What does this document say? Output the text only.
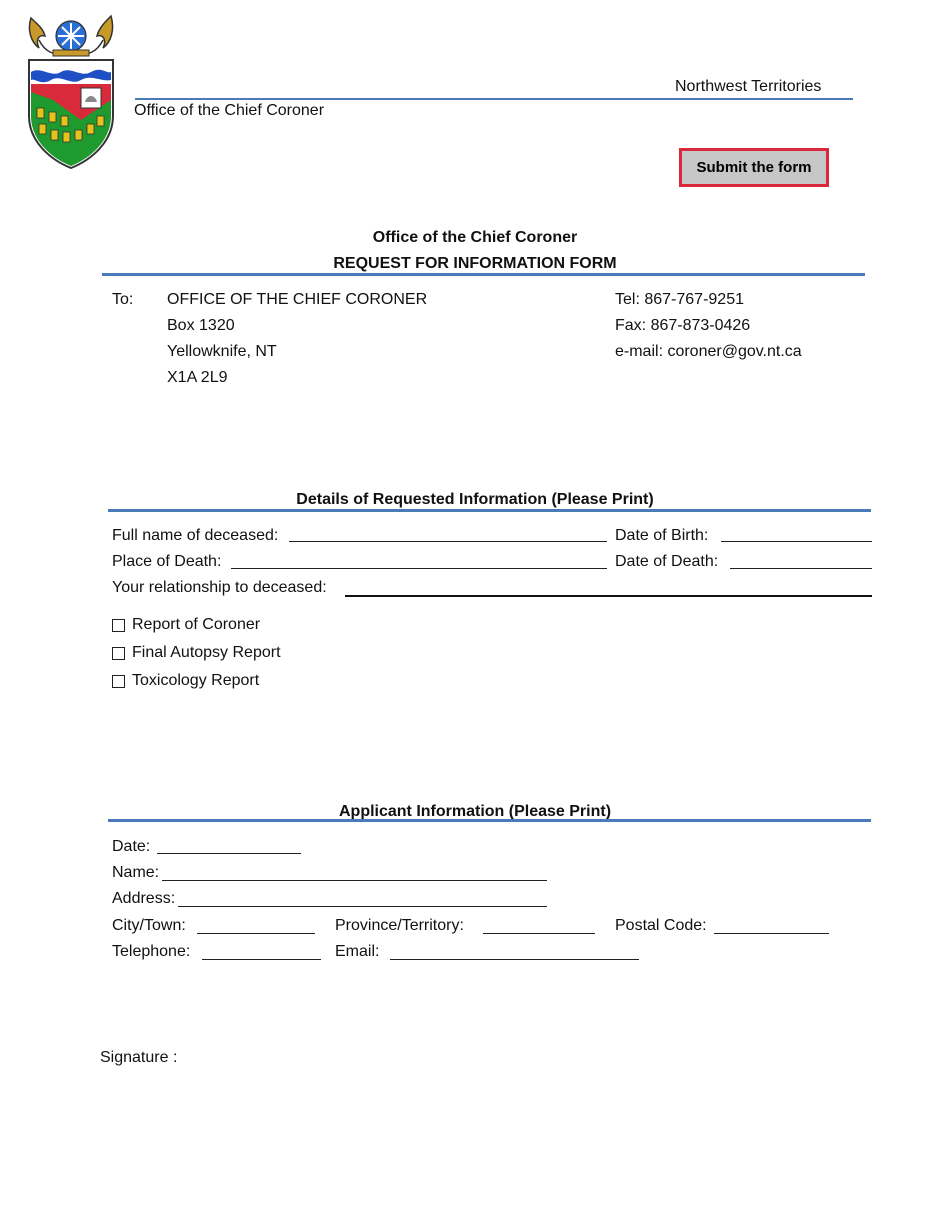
Northwest Territories
Office of the Chief Coroner
Submit the form
Office of the Chief Coroner
REQUEST FOR INFORMATION FORM
To: OFFICE OF THE CHIEF CORONER
Box 1320
Yellowknife, NT
X1A 2L9
Tel: 867-767-9251
Fax: 867-873-0426
e-mail: coroner@gov.nt.ca
Details of Requested Information (Please Print)
Full name of deceased:	Date of Birth:
Place of Death:	Date of Death:
Your relationship to deceased:
Report of Coroner
Final Autopsy Report
Toxicology Report
Applicant Information (Please Print)
Date:
Name:
Address:
City/Town:	Province/Territory:	Postal Code:
Telephone:	Email:
Signature :
